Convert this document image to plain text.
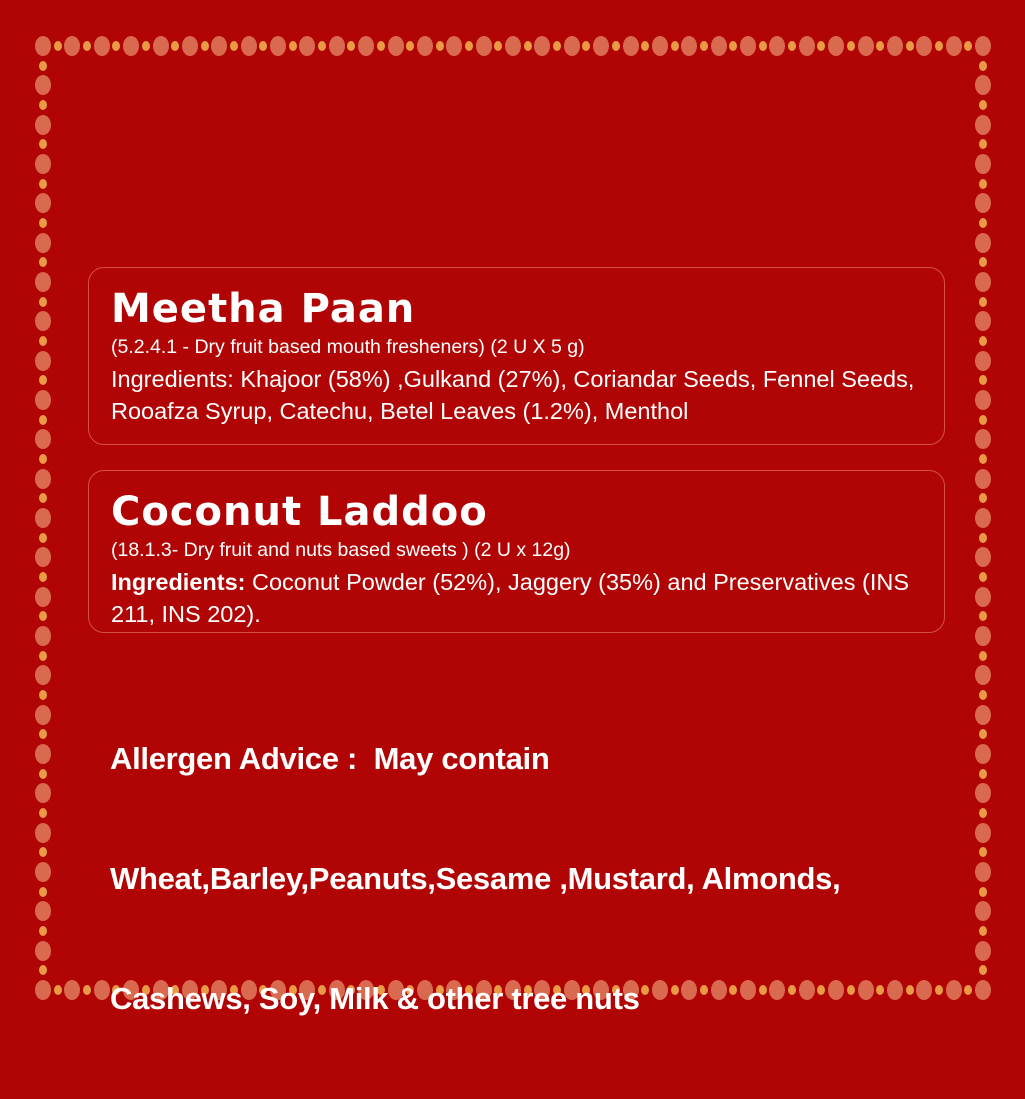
Meetha Paan
(5.2.4.1 - Dry fruit based mouth fresheners) (2 U X 5 g)
Ingredients: Khajoor (58%) ,Gulkand (27%), Coriandar Seeds, Fennel Seeds, Rooafza Syrup, Catechu, Betel Leaves (1.2%), Menthol
Coconut Laddoo
(18.1.3- Dry fruit and nuts based sweets ) (2 U x 12g)
Ingredients: Coconut Powder (52%), Jaggery (35%) and Preservatives (INS 211, INS 202).

Allergen Advice :  May contain

Wheat,Barley,Peanuts,Sesame ,Mustard, Almonds,

Cashews, Soy, Milk & other tree nuts
